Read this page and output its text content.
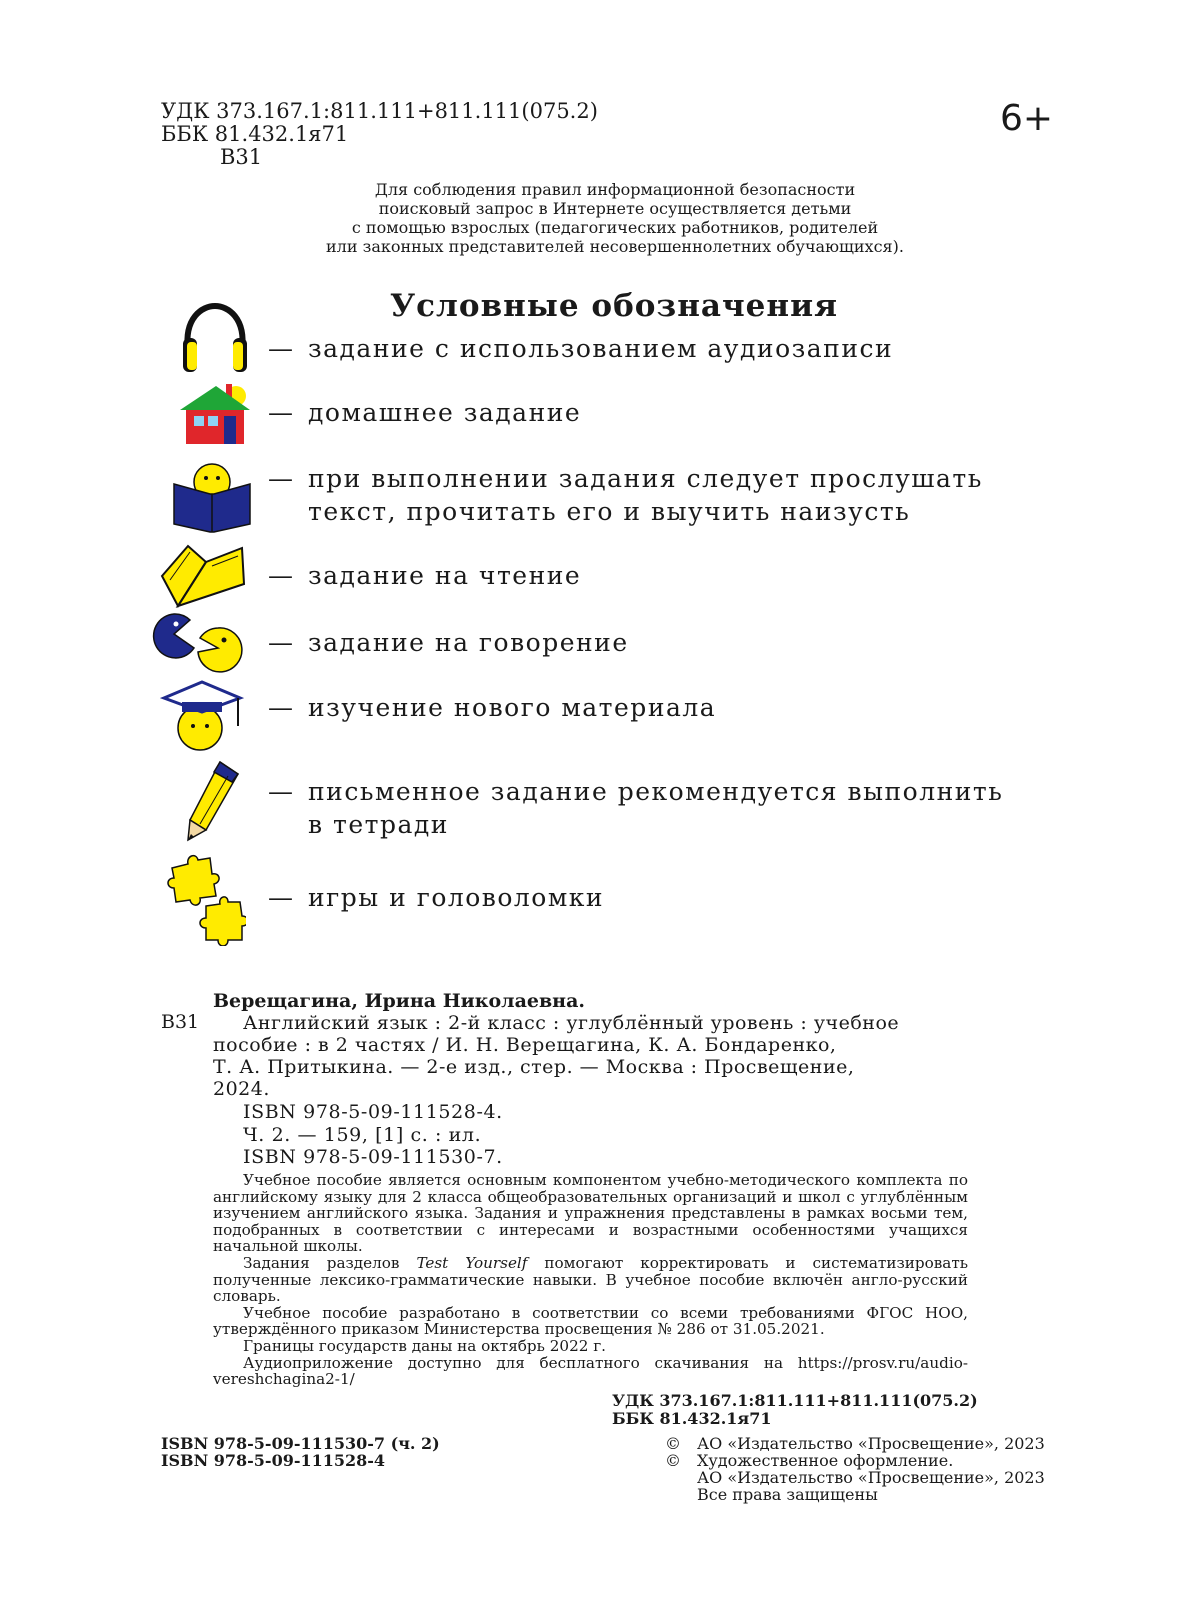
УДК 373.167.1:811.111+811.111(075.2)
ББК 81.432.1я71
В31
6+
Для соблюдения правил информационной безопасности
поисковый запрос в Интернете осуществляется детьми
с помощью взрослых (педагогических работников, родителей
или законных представителей несовершеннолетних обучающихся).
Условные обозначения
— задание с использованием аудиозаписи
— домашнее задание
— при выполнении задания следует прослушать
текст, прочитать его и выучить наизусть
— задание на чтение
— задание на говорение
— изучение нового материала
— письменное задание рекомендуется выполнить
в тетради
— игры и головоломки
Верещагина, Ирина Николаевна.
В31	Английский язык : 2-й класс : углублённый уровень : учебное
пособие : в 2 частях / И. Н. Верещагина, К. А. Бондаренко,
Т. А. Притыкина. — 2-е изд., стер. — Москва : Просвещение,
2024.
ISBN 978-5-09-111528-4.
Ч. 2. — 159, [1] с. : ил.
ISBN 978-5-09-111530-7.

Учебное пособие является основным компонентом учебно-методического комплекта по английскому языку для 2 класса общеобразовательных организаций и школ с углублённым изучением английского языка. Задания и упражнения представлены в рамках восьми тем, подобранных в соответствии с интересами и возрастными особенностями учащихся начальной школы.

Задания разделов Test Yourself помогают корректировать и систематизировать полученные лексико-грамматические навыки. В учебное пособие включён англо-русский словарь.

Учебное пособие разработано в соответствии со всеми требованиями ФГОС НОО, утверждённого приказом Министерства просвещения № 286 от 31.05.2021.

Границы государств даны на октябрь 2022 г.

Аудиоприложение доступно для бесплатного скачивания на https://prosv.ru/audio-vereshchagina2-1/

УДК 373.167.1:811.111+811.111(075.2)
ББК 81.432.1я71
ISBN 978-5-09-111530-7 (ч. 2)
ISBN 978-5-09-111528-4
© АО «Издательство «Просвещение», 2023
© Художественное оформление.
АО «Издательство «Просвещение», 2023
Все права защищены
